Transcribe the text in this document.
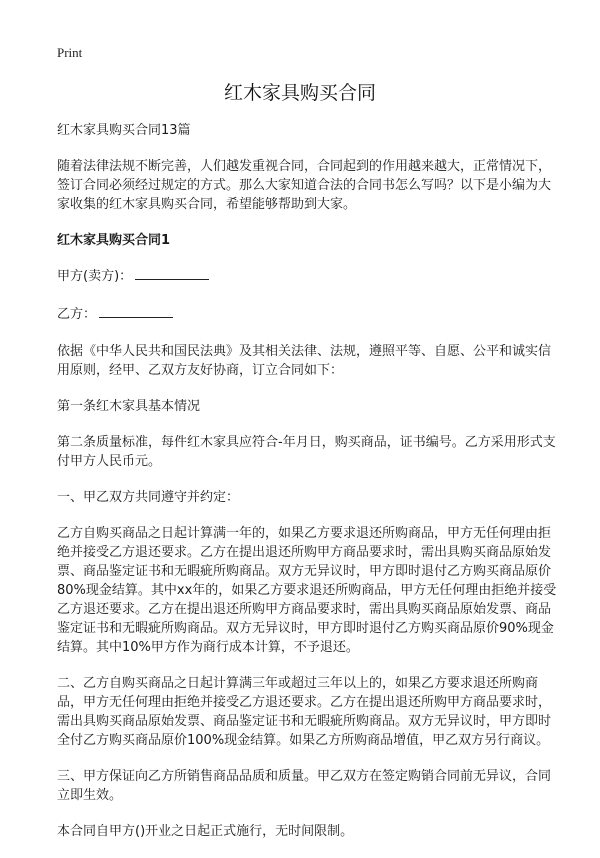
Print
红木家具购买合同

红木家具购买合同13篇

随着法律法规不断完善，人们越发重视合同，合同起到的作用越来越大，正常情况下，签订合同必须经过规定的方式。那么大家知道合法的合同书怎么写吗？以下是小编为大家收集的红木家具购买合同，希望能够帮助到大家。

红木家具购买合同1

甲方(卖方)：

乙方：

依据《中华人民共和国民法典》及其相关法律、法规，遵照平等、自愿、公平和诚实信用原则，经甲、乙双方友好协商，订立合同如下：

第一条红木家具基本情况

第二条质量标准，每件红木家具应符合-年月日，购买商品，证书编号。乙方采用形式支付甲方人民币元。

一、甲乙双方共同遵守并约定：

乙方自购买商品之日起计算满一年的，如果乙方要求退还所购商品，甲方无任何理由拒绝并接受乙方退还要求。乙方在提出退还所购甲方商品要求时，需出具购买商品原始发票、商品鉴定证书和无暇疵所购商品。双方无异议时，甲方即时退付乙方购买商品原价80%现金结算。其中xx年的，如果乙方要求退还所购商品，甲方无任何理由拒绝并接受乙方退还要求。乙方在提出退还所购甲方商品要求时，需出具购买商品原始发票、商品鉴定证书和无暇疵所购商品。双方无异议时，甲方即时退付乙方购买商品原价90%现金结算。其中10%甲方作为商行成本计算，不予退还。

二、乙方自购买商品之日起计算满三年或超过三年以上的，如果乙方要求退还所购商品，甲方无任何理由拒绝并接受乙方退还要求。乙方在提出退还所购甲方商品要求时，需出具购买商品原始发票、商品鉴定证书和无暇疵所购商品。双方无异议时，甲方即时全付乙方购买商品原价100%现金结算。如果乙方所购商品增值，甲乙双方另行商议。

三、甲方保证向乙方所销售商品品质和质量。甲乙双方在签定购销合同前无异议，合同立即生效。

本合同自甲方()开业之日起正式施行，无时间限制。
